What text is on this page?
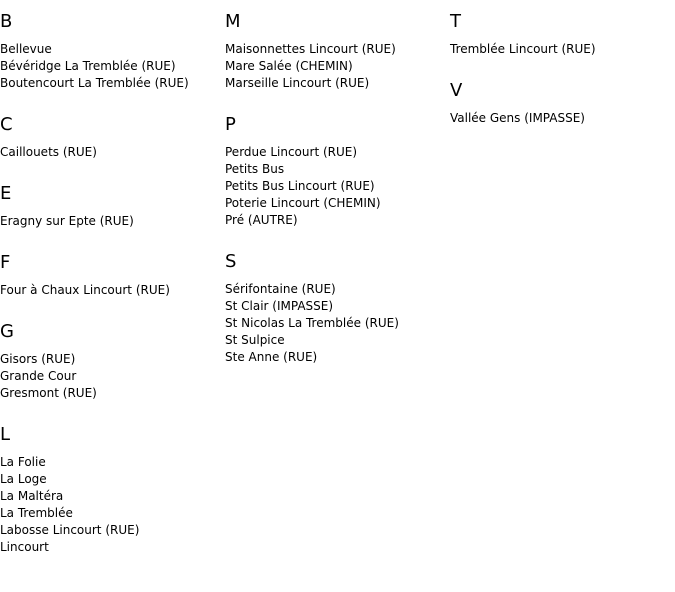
B
Bellevue
Bévéridge La Tremblée (RUE)
Boutencourt La Tremblée (RUE)
C
Caillouets (RUE)
E
Eragny sur Epte (RUE)
F
Four à Chaux Lincourt (RUE)
G
Gisors (RUE)
Grande Cour
Gresmont (RUE)
L
La Folie
La Loge
La Maltéra
La Tremblée
Labosse Lincourt (RUE)
Lincourt
M
Maisonnettes Lincourt (RUE)
Mare Salée (CHEMIN)
Marseille Lincourt (RUE)
P
Perdue Lincourt (RUE)
Petits Bus
Petits Bus Lincourt (RUE)
Poterie Lincourt (CHEMIN)
Pré (AUTRE)
S
Sérifontaine (RUE)
St Clair (IMPASSE)
St Nicolas La Tremblée (RUE)
St Sulpice
Ste Anne (RUE)
T
Tremblée Lincourt (RUE)
V
Vallée Gens (IMPASSE)
